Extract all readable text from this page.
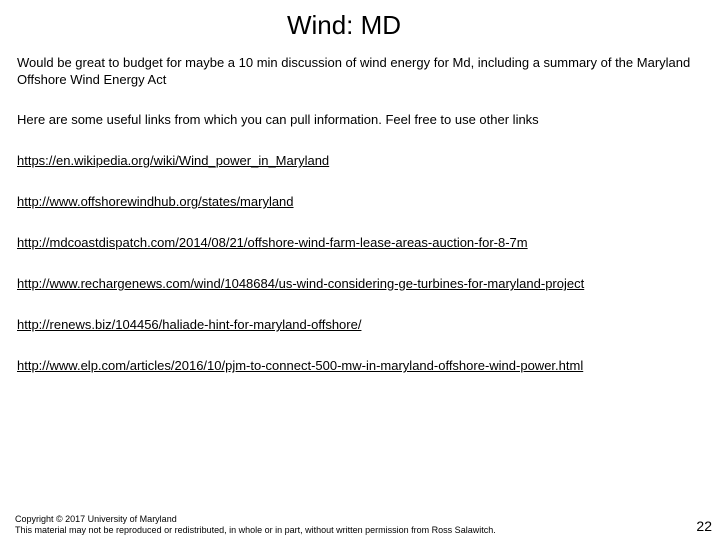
Wind: MD
Would be great to budget for maybe a 10 min discussion of wind energy for Md, including a summary of the Maryland Offshore Wind Energy Act
Here are some useful links from which you can pull information. Feel free to use other links
https://en.wikipedia.org/wiki/Wind_power_in_Maryland
http://www.offshorewindhub.org/states/maryland
http://mdcoastdispatch.com/2014/08/21/offshore-wind-farm-lease-areas-auction-for-8-7m
http://www.rechargenews.com/wind/1048684/us-wind-considering-ge-turbines-for-maryland-project
http://renews.biz/104456/haliade-hint-for-maryland-offshore/
http://www.elp.com/articles/2016/10/pjm-to-connect-500-mw-in-maryland-offshore-wind-power.html
Copyright © 2017 University of Maryland
This material may not be reproduced or redistributed, in whole or in part, without written permission from Ross Salawitch.	22
